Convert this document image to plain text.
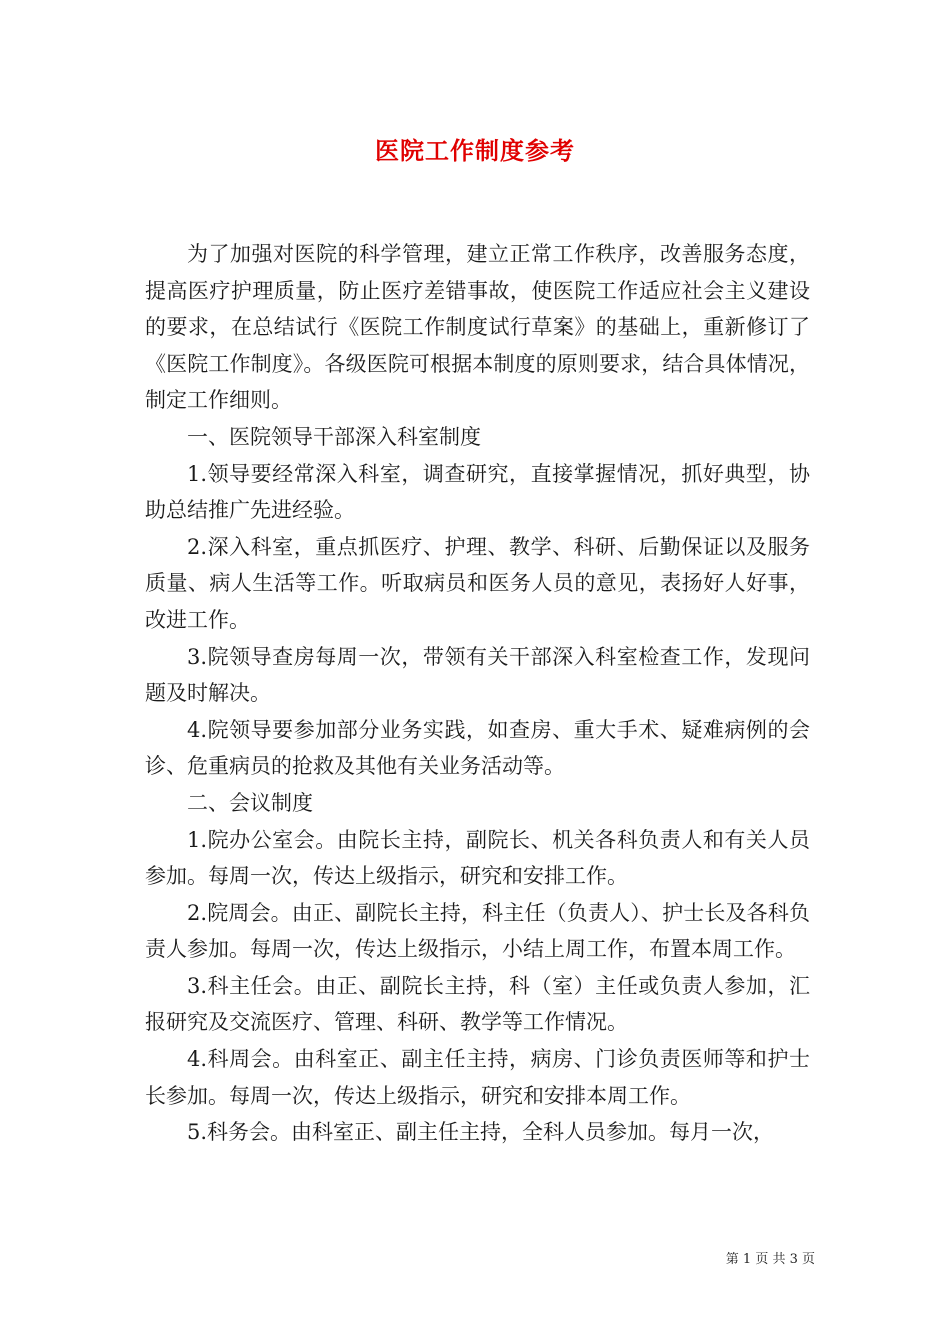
医院工作制度参考

为了加强对医院的科学管理，建立正常工作秩序，改善服务态度，提高医疗护理质量，防止医疗差错事故，使医院工作适应社会主义建设的要求，在总结试行《医院工作制度试行草案》的基础上，重新修订了《医院工作制度》。各级医院可根据本制度的原则要求，结合具体情况，制定工作细则。

一、医院领导干部深入科室制度

1.领导要经常深入科室，调查研究，直接掌握情况，抓好典型，协助总结推广先进经验。

2.深入科室，重点抓医疗、护理、教学、科研、后勤保证以及服务质量、病人生活等工作。听取病员和医务人员的意见，表扬好人好事，改进工作。

3.院领导查房每周一次，带领有关干部深入科室检查工作，发现问题及时解决。

4.院领导要参加部分业务实践，如查房、重大手术、疑难病例的会诊、危重病员的抢救及其他有关业务活动等。

二、会议制度

1.院办公室会。由院长主持，副院长、机关各科负责人和有关人员参加。每周一次，传达上级指示，研究和安排工作。

2.院周会。由正、副院长主持，科主任（负责人）、护士长及各科负责人参加。每周一次，传达上级指示，小结上周工作，布置本周工作。

3.科主任会。由正、副院长主持，科（室）主任或负责人参加，汇报研究及交流医疗、管理、科研、教学等工作情况。

4.科周会。由科室正、副主任主持，病房、门诊负责医师等和护士长参加。每周一次，传达上级指示，研究和安排本周工作。

5.科务会。由科室正、副主任主持，全科人员参加。每月一次，

第 1 页 共 3 页
